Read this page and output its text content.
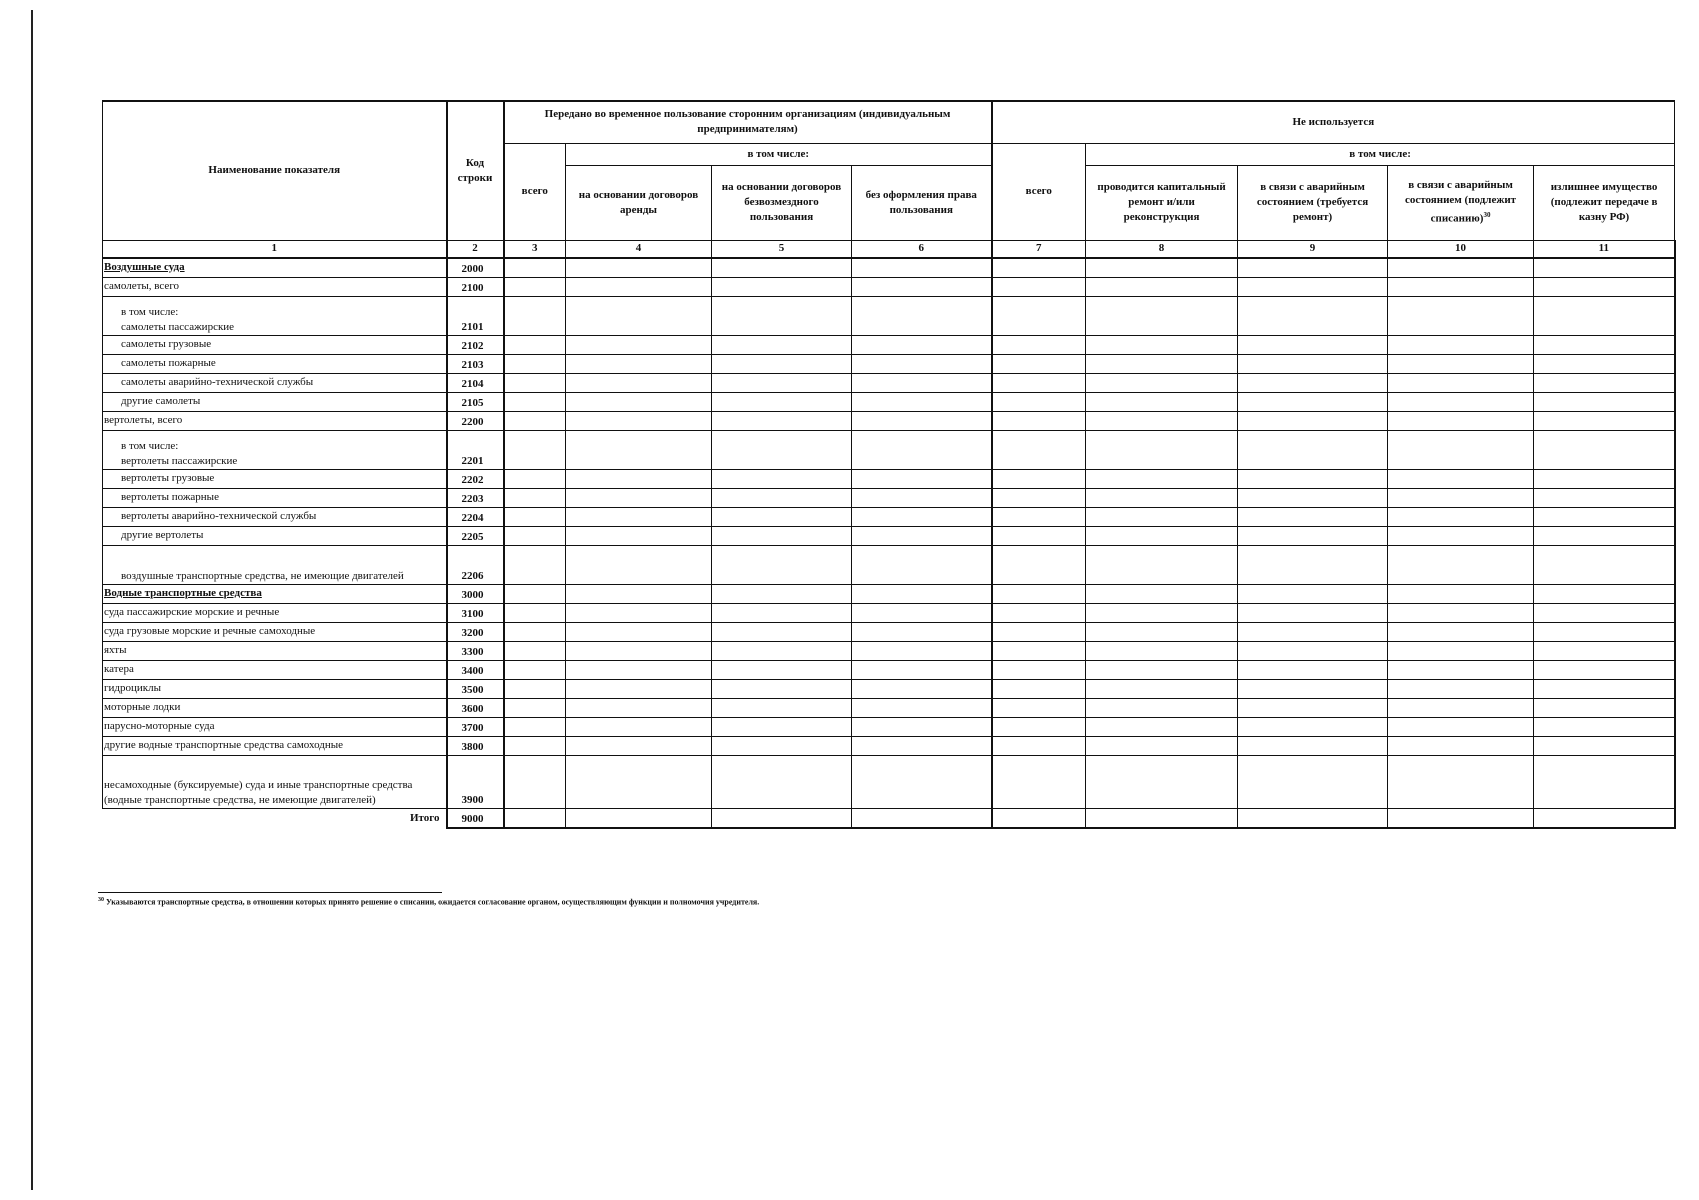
Наименование показателя	Код строки	Передано во временное пользование сторонним организациям (индивидуальным предпринимателям)				Не используется				
		всего	в том числе:			всего	в том числе:			
			на основании договоров аренды	на основании договоров безвозмездного пользования	без оформления права пользования		проводится капитальный ремонт и/или реконструкция	в связи с аварийным состоянием (требуется ремонт)	в связи с аварийным состоянием (подлежит списанию)$^{30}$	излишнее имущество (подлежит передаче в казну РФ)
1	2	3	4	5	6	7	8	9	10	11
Воздушные суда	2000									
самолеты, всего	2100									

в том числе:
самолеты пассажирские	2101									
самолеты грузовые	2102									
самолеты пожарные	2103									
самолеты аварийно-технической службы	2104									
другие самолеты	2105									
вертолеты, всего	2200									

в том числе:
вертолеты пассажирские	2201									
вертолеты грузовые	2202									
вертолеты пожарные	2203									
вертолеты аварийно-технической службы	2204									
другие вертолеты	2205									
воздушные транспортные средства, не имеющие двигателей	2206									
Водные транспортные средства	3000									
суда пассажирские морские и речные	3100									
суда грузовые морские и речные самоходные	3200									
яхты	3300									
катера	3400									
гидроциклы	3500									
моторные лодки	3600									
парусно-моторные суда	3700									
другие водные транспортные средства самоходные	3800									
несамоходные (буксируемые) суда и иные транспортные средства (водные транспортные средства, не имеющие двигателей)	3900									
Итого	9000									
$^{30}$ Указываются транспортные средства, в отношении которых принято решение о списании, ожидается согласование органом, осуществляющим функции и полномочия учредителя.
